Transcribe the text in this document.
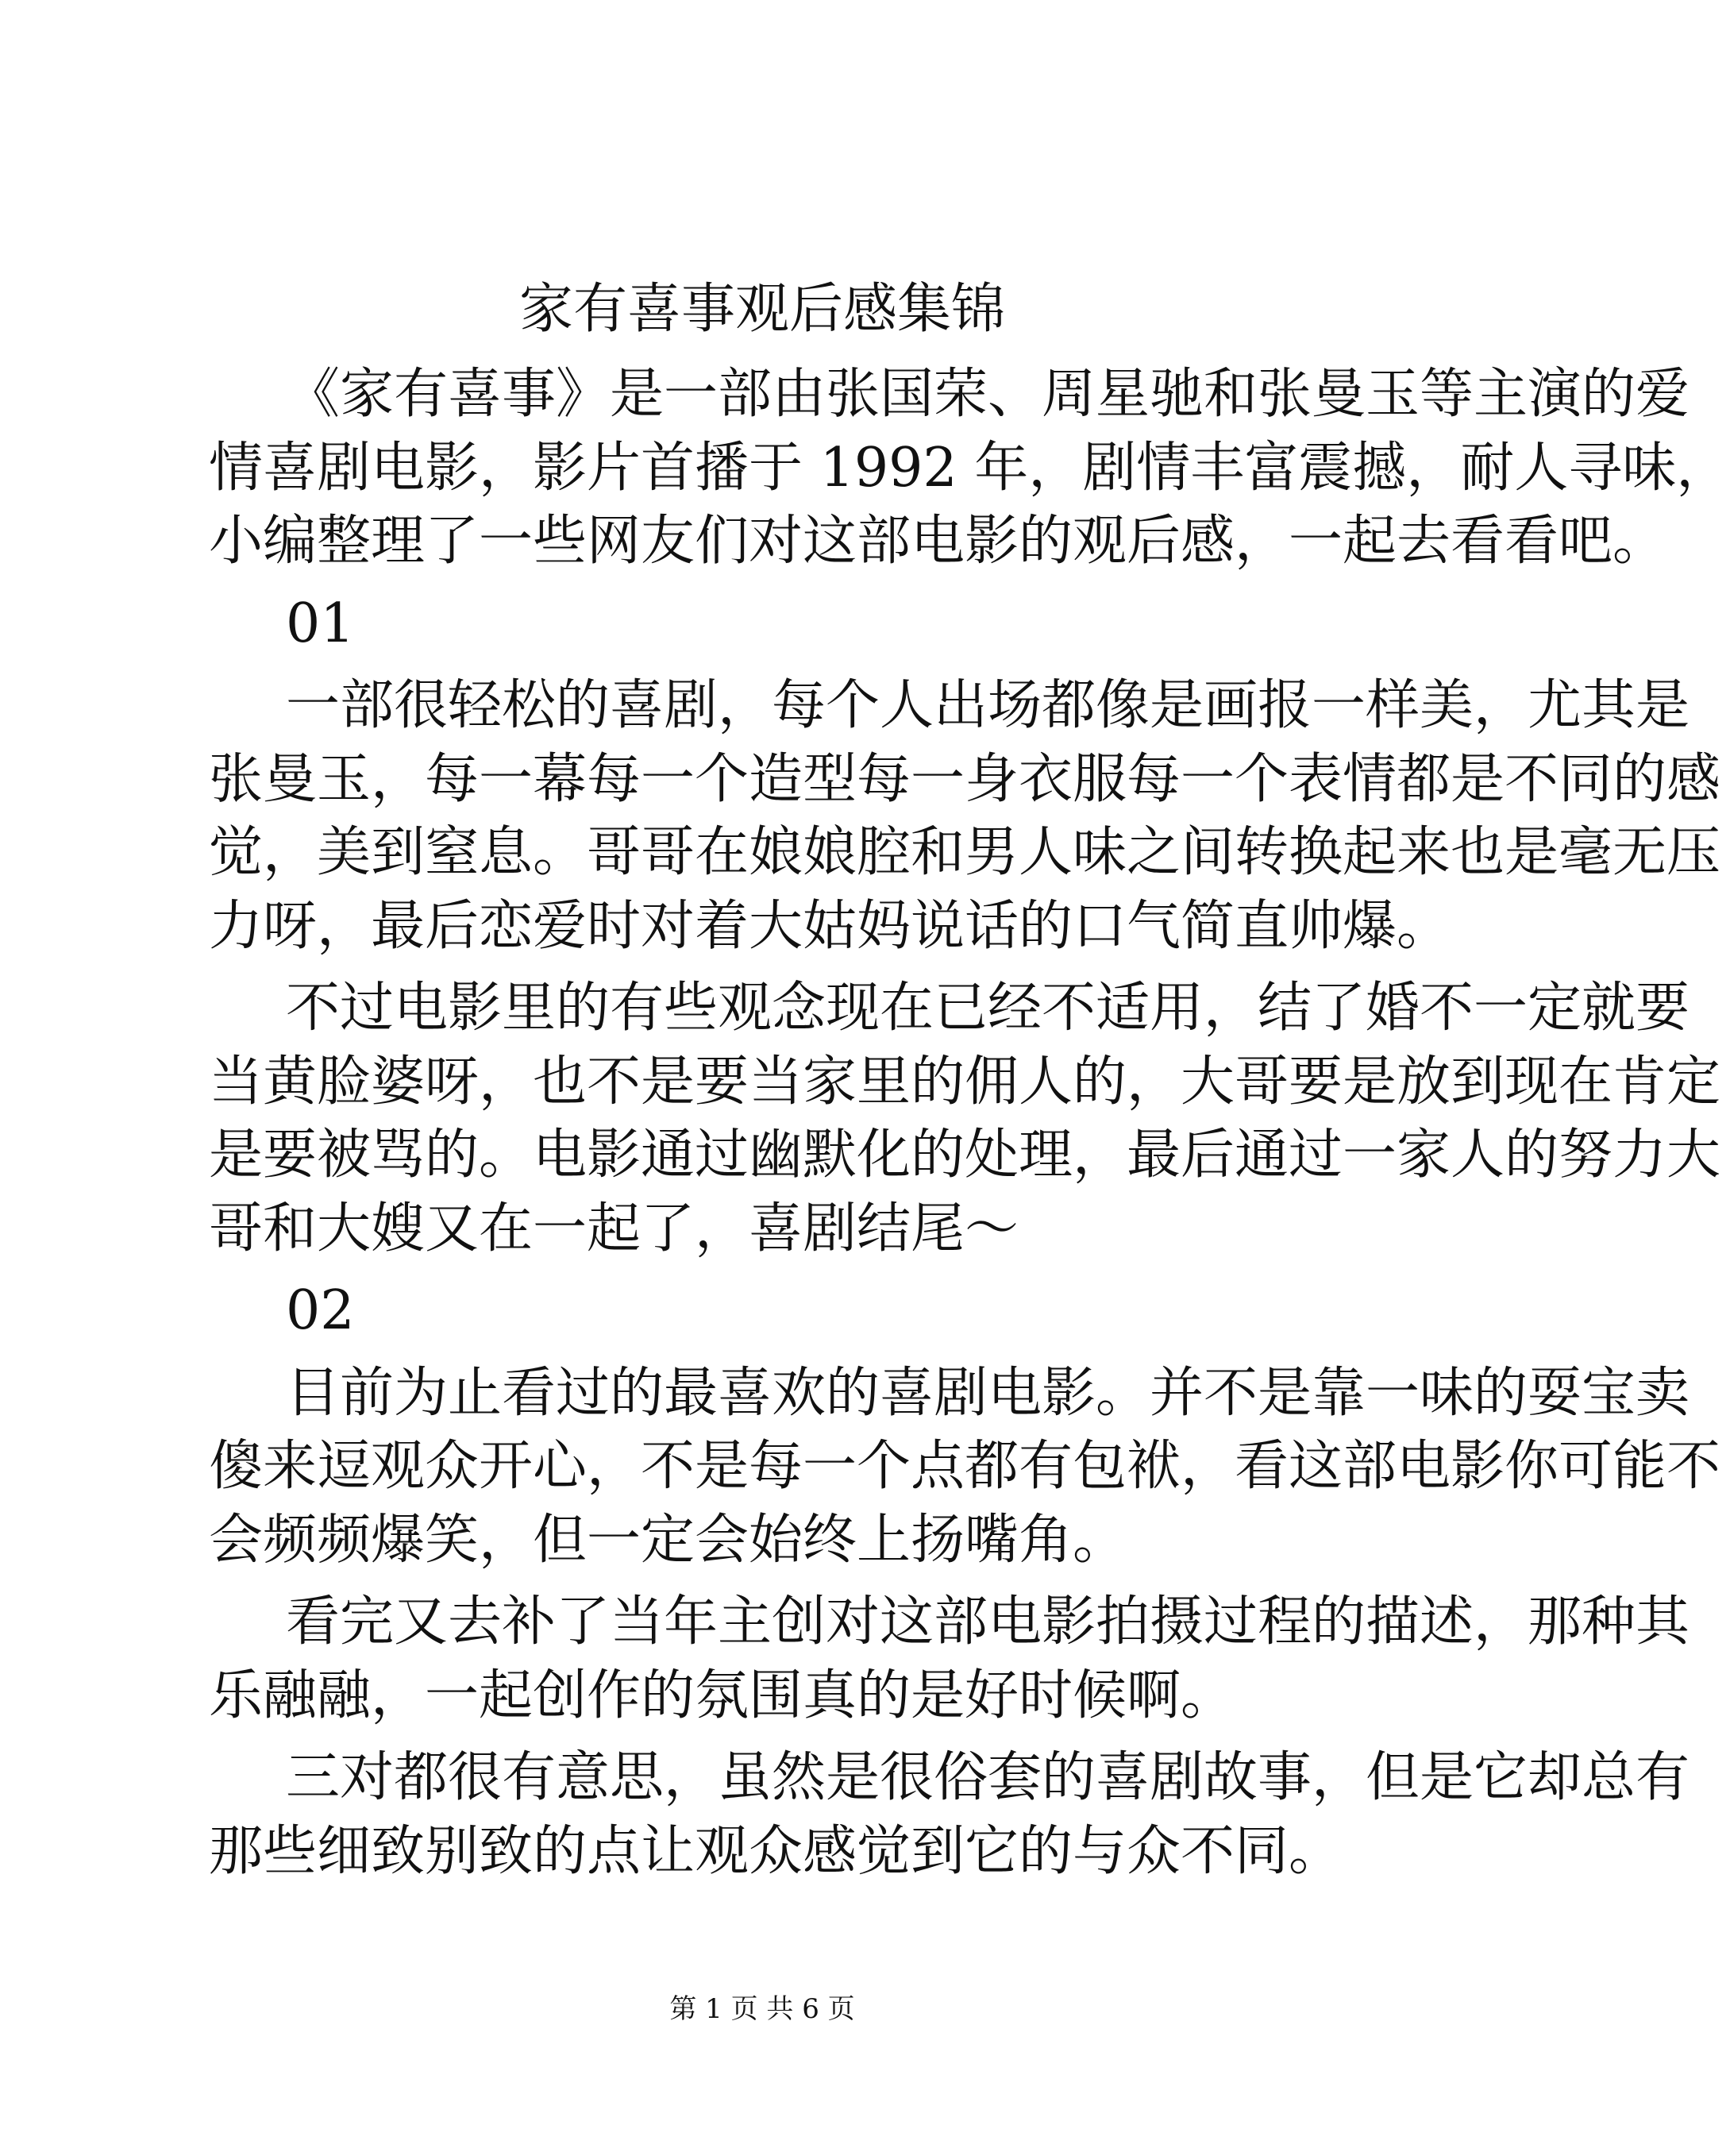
家有喜事观后感集锦
《家有喜事》是一部由张国荣、周星驰和张曼玉等主演的爱
情喜剧电影，影片首播于 1992 年，剧情丰富震撼，耐人寻味，
小编整理了一些网友们对这部电影的观后感，一起去看看吧。
01
一部很轻松的喜剧，每个人出场都像是画报一样美，尤其是
张曼玉，每一幕每一个造型每一身衣服每一个表情都是不同的感
觉，美到窒息。哥哥在娘娘腔和男人味之间转换起来也是毫无压
力呀，最后恋爱时对着大姑妈说话的口气简直帅爆。
不过电影里的有些观念现在已经不适用，结了婚不一定就要
当黄脸婆呀，也不是要当家里的佣人的，大哥要是放到现在肯定
是要被骂的。电影通过幽默化的处理，最后通过一家人的努力大
哥和大嫂又在一起了，喜剧结尾～
02
目前为止看过的最喜欢的喜剧电影。并不是靠一味的耍宝卖
傻来逗观众开心，不是每一个点都有包袱，看这部电影你可能不
会频频爆笑，但一定会始终上扬嘴角。
看完又去补了当年主创对这部电影拍摄过程的描述，那种其
乐融融，一起创作的氛围真的是好时候啊。
三对都很有意思，虽然是很俗套的喜剧故事，但是它却总有
那些细致别致的点让观众感觉到它的与众不同。
第 1 页 共 6 页
